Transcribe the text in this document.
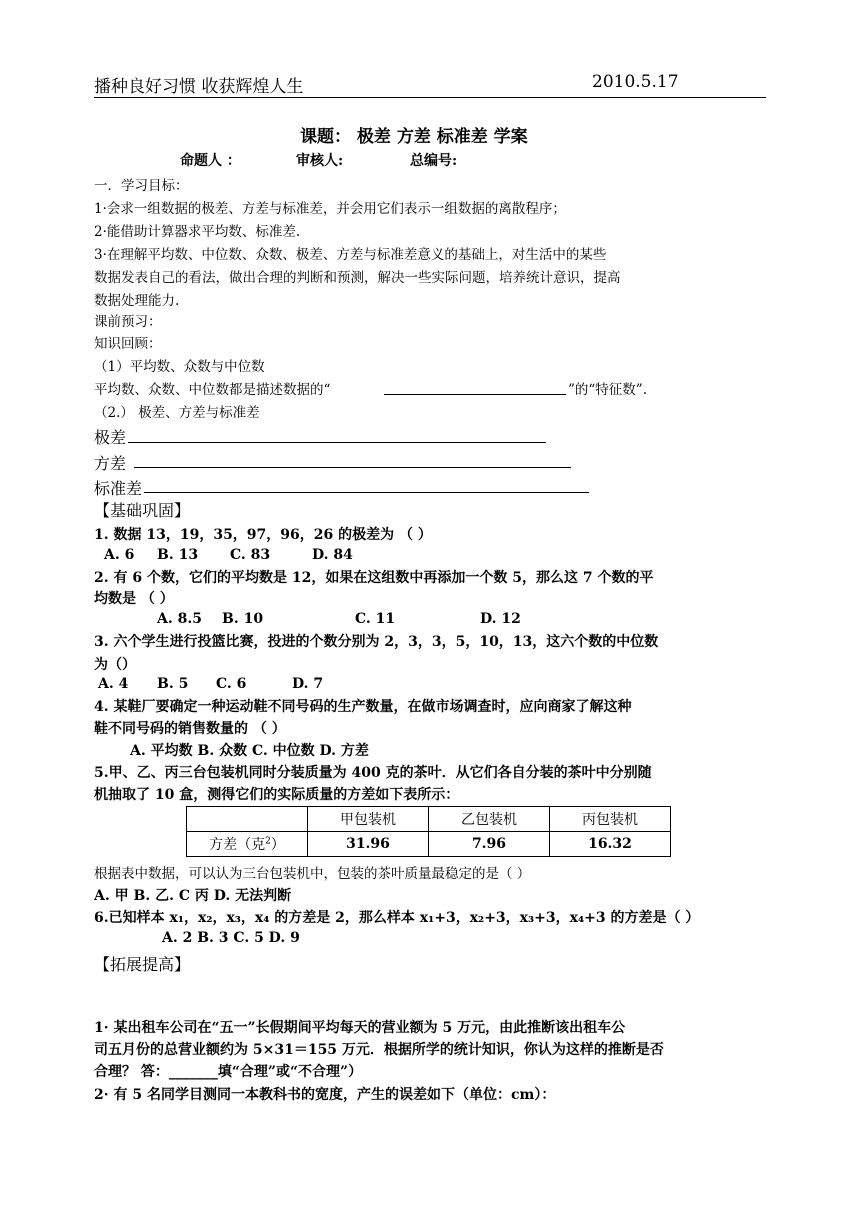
播种良好习惯 收获辉煌人生	2010.5.17
课题： 极差 方差 标准差 学案
命题人 ：	审核人:	总编号:
一．学习目标：
1·会求一组数据的极差、方差与标准差，并会用它们表示一组数据的离散程序；
2·能借助计算器求平均数、标准差.
3·在理解平均数、中位数、众数、极差、方差与标准差意义的基础上，对生活中的某些
数据发表自己的看法，做出合理的判断和预测，解决一些实际问题，培养统计意识，提高
数据处理能力.
课前预习：
知识回顾：
（1）平均数、众数与中位数
平均数、众数、中位数都是描述数据的“	”的“特征数”.
（2.） 极差、方差与标准差
极差
方差
标准差
【基础巩固】
1. 数据 13，19，35，97，96，26 的极差为 （ ）
A. 6 B. 13 C. 83	D. 84
2. 有 6 个数，它们的平均数是 12，如果在这组数中再添加一个数 5，那么这 7 个数的平
均数是 （ ）
A. 8.5 B. 10	C. 11	D. 12
3. 六个学生进行投篮比赛，投进的个数分别为 2，3，3，5，10，13，这六个数的中位数
为（）
A. 4 B. 5 C. 6	D. 7
4. 某鞋厂要确定一种运动鞋不同号码的生产数量，在做市场调查时，应向商家了解这种
鞋不同号码的销售数量的 （ ）
A. 平均数 B. 众数 C. 中位数 D. 方差
5.甲、乙、丙三台包装机同时分装质量为 400 克的茶叶．从它们各自分装的茶叶中分别随
机抽取了 10 盒，测得它们的实际质量的方差如下表所示：
	甲包装机	乙包装机	丙包装机
方差（克$^2$）	31.96	7.96	16.32
根据表中数据，可以认为三台包装机中，包装的茶叶质量最稳定的是（ ）
A. 甲 B. 乙. C 丙 D. 无法判断
6.已知样本 x₁，x₂，x₃，x₄ 的方差是 2，那么样本 x₁+3，x₂+3，x₃+3，x₄+3 的方差是（ ）
A. 2 B. 3 C. 5 D. 9
【拓展提高】
1· 某出租车公司在“五一”长假期间平均每天的营业额为 5 万元，由此推断该出租车公
司五月份的总营业额约为 5×31＝155 万元．根据所学的统计知识，你认为这样的推断是否
合理？ 答：_______填“合理”或“不合理”）
2· 有 5 名同学目测同一本教科书的宽度，产生的误差如下（单位：cm）：
